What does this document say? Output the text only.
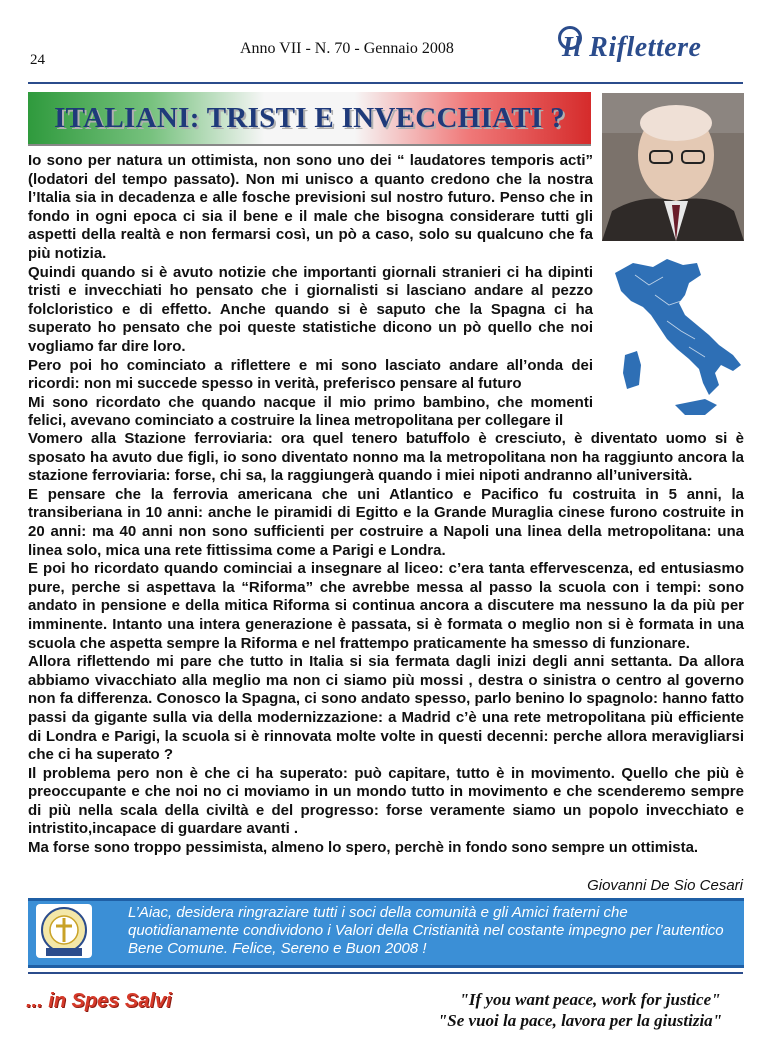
24
Anno VII - N. 70 - Gennaio 2008	Il Riflettere
ITALIANI: TRISTI E INVECCHIATI ?

Io sono per natura un ottimista, non sono uno dei “ laudatores temporis acti” (lodatori del tempo passato). Non mi unisco a quanto credono che la nostra l’Italia sia in decadenza e alle fosche previsioni sul nostro futuro. Penso che in fondo in ogni epoca ci sia il bene e il male che bisogna considerare tutti gli aspetti della realtà e non fermarsi così, un pò a caso, solo su qualcuno che fa più notizia.

Quindi quando si è avuto notizie che importanti giornali stranieri ci ha dipinti tristi e invecchiati ho pensato che i giornalisti si lasciano andare al pezzo folcloristico e di effetto. Anche quando si è saputo che la Spagna ci ha superato ho pensato che poi queste statistiche dicono un pò quello che noi vogliamo far dire loro.

Pero poi ho cominciato a riflettere e mi sono lasciato andare all’onda dei ricordi: non mi succede spesso in verità, preferisco pensare al futuro

Mi sono ricordato che quando nacque il mio primo bambino, che momenti felici, avevano cominciato a costruire la linea metropolitana per collegare il

Vomero alla Stazione ferroviaria: ora quel tenero batuffolo è cresciuto, è diventato uomo si è sposato ha avuto due figli, io sono diventato nonno ma la metropolitana non ha raggiunto ancora la stazione ferroviaria: forse, chi sa, la raggiungerà quando i miei nipoti andranno all’università.

E pensare che la ferrovia americana che uni Atlantico e Pacifico fu costruita in 5 anni, la transiberiana in 10 anni: anche le piramidi di Egitto e la Grande Muraglia cinese furono costruite in 20 anni: ma 40 anni non sono sufficienti per costruire a Napoli una linea della metropolitana: una linea solo, mica una rete fittissima come a Parigi e Londra.

E poi ho ricordato quando cominciai a insegnare al liceo: c’era tanta effervescenza, ed entusiasmo pure, perche si aspettava la “Riforma” che avrebbe messa al passo la scuola con i tempi: sono andato in pensione e della mitica Riforma si continua ancora a discutere ma nessuno la da più per imminente. Intanto una intera generazione è passata, si è formata o meglio non si è formata in una scuola che aspetta sempre la Riforma e nel frattempo praticamente ha smesso di funzionare.

Allora riflettendo mi pare che tutto in Italia si sia fermata dagli inizi degli anni settanta. Da allora abbiamo vivacchiato alla meglio ma non ci siamo più mossi , destra o sinistra o centro al governo non fa differenza. Conosco la Spagna, ci sono andato spesso, parlo benino lo spagnolo: hanno fatto passi da gigante sulla via della modernizzazione: a Madrid c’è una rete metropolitana più efficiente di Londra e Parigi, la scuola si è rinnovata molte volte in questi decenni: perche allora meravigliarsi che ci ha superato ?

Il problema pero non è che ci ha superato: può capitare, tutto è in movimento. Quello che più è preoccupante e che noi no ci moviamo in un mondo tutto in movimento e che scenderemo sempre di più nella scala della civiltà e del progresso: forse veramente siamo un popolo invecchiato e intristito,incapace di guardare avanti .

Ma forse sono troppo pessimista, almeno lo spero, perchè in fondo sono sempre un ottimista.

Giovanni De Sio Cesari
L’Aiac, desidera ringraziare tutti i soci della comunità e gli Amici fraterni che quotidianamente condividono i Valori della Cristianità nel costante impegno per l’autentico Bene Comune. Felice, Sereno e Buon 2008 !
... in Spes Salvi	"If you want peace, work for justice"
"Se vuoi la pace, lavora per la giustizia"
